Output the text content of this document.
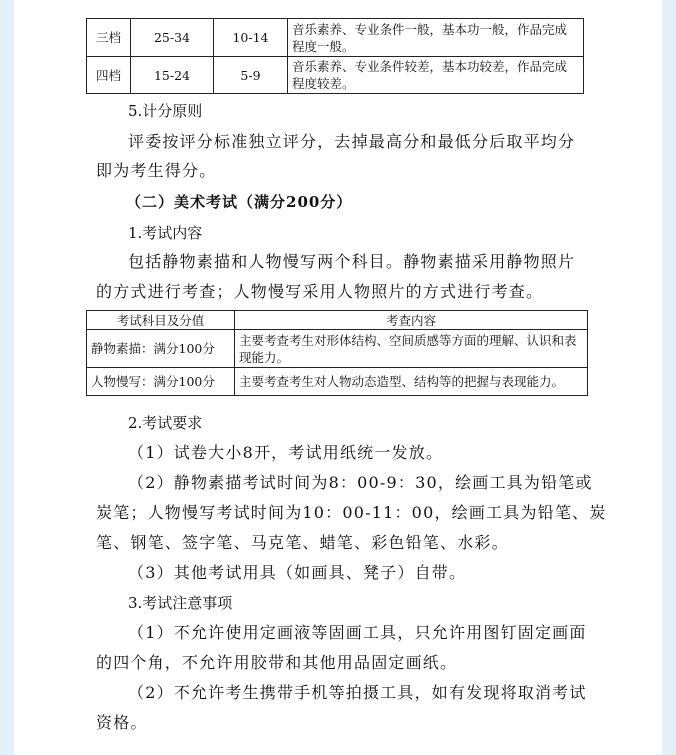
三档	25-34	10-14	音乐素养、专业条件一般，基本功一般，作品完成程度一般。
四档	15-24	5-9	音乐素养、专业条件较差，基本功较差，作品完成程度较差。
5.计分原则
评委按评分标准独立评分，去掉最高分和最低分后取平均分
即为考生得分。
（二）美术考试（满分200分）
1.考试内容
包括静物素描和人物慢写两个科目。静物素描采用静物照片
的方式进行考查；人物慢写采用人物照片的方式进行考查。
考试科目及分值	考查内容
静物素描：满分100分	主要考查考生对形体结构、空间质感等方面的理解、认识和表现能力。
人物慢写：满分100分	主要考查考生对人物动态造型、结构等的把握与表现能力。
2.考试要求
（1）试卷大小8开，考试用纸统一发放。
（2）静物素描考试时间为8：00-9：30，绘画工具为铅笔或
炭笔；人物慢写考试时间为10：00-11：00，绘画工具为铅笔、炭
笔、钢笔、签字笔、马克笔、蜡笔、彩色铅笔、水彩。
（3）其他考试用具（如画具、凳子）自带。
3.考试注意事项
（1）不允许使用定画液等固画工具，只允许用图钉固定画面
的四个角，不允许用胶带和其他用品固定画纸。
（2）不允许考生携带手机等拍摄工具，如有发现将取消考试
资格。
